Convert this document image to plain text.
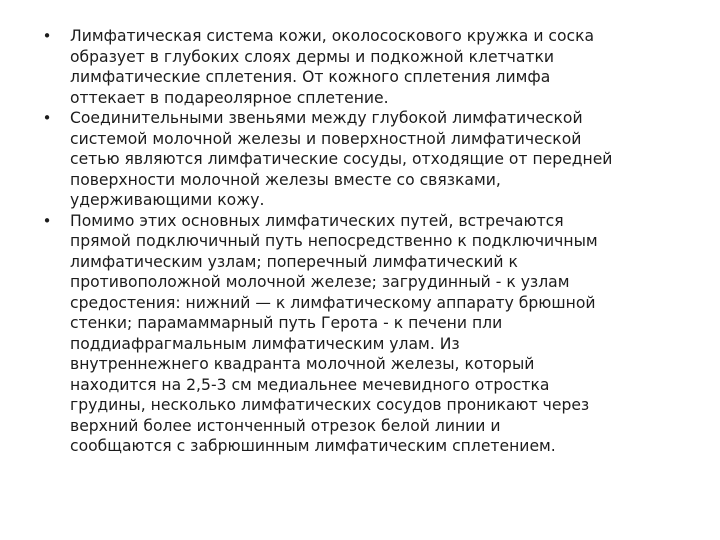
• Лимфатическая система кожи, околососкового кружка и соска
образует в глубоких слоях дермы и подкожной клетчатки
лимфатические сплетения. От кожного сплетения лимфа
оттекает в подареолярное сплетение.
• Соединительными звеньями между глубокой лимфатической
системой молочной железы и поверхностной лимфатической
сетью являются лимфатические сосуды, отходящие от передней
поверхности молочной железы вместе со связками,
удерживающими кожу.
• Помимо этих основных лимфатических путей, встречаются
прямой подключичный путь непосредственно к подключичным
лимфатическим узлам; поперечный лимфатический к
противоположной молочной железе; загрудинный - к узлам
средостения: нижний — к лимфатическому аппарату брюшной
стенки; парамаммарный путь Герота - к печени пли
поддиафрагмальным лимфатическим улам. Из
внутреннежнего квадранта молочной железы, который
находится на 2,5-3 см медиальнее мечевидного отростка
грудины, несколько лимфатических сосудов проникают через
верхний более истонченный отрезок белой линии и
сообщаются с забрюшинным лимфатическим сплетением.
